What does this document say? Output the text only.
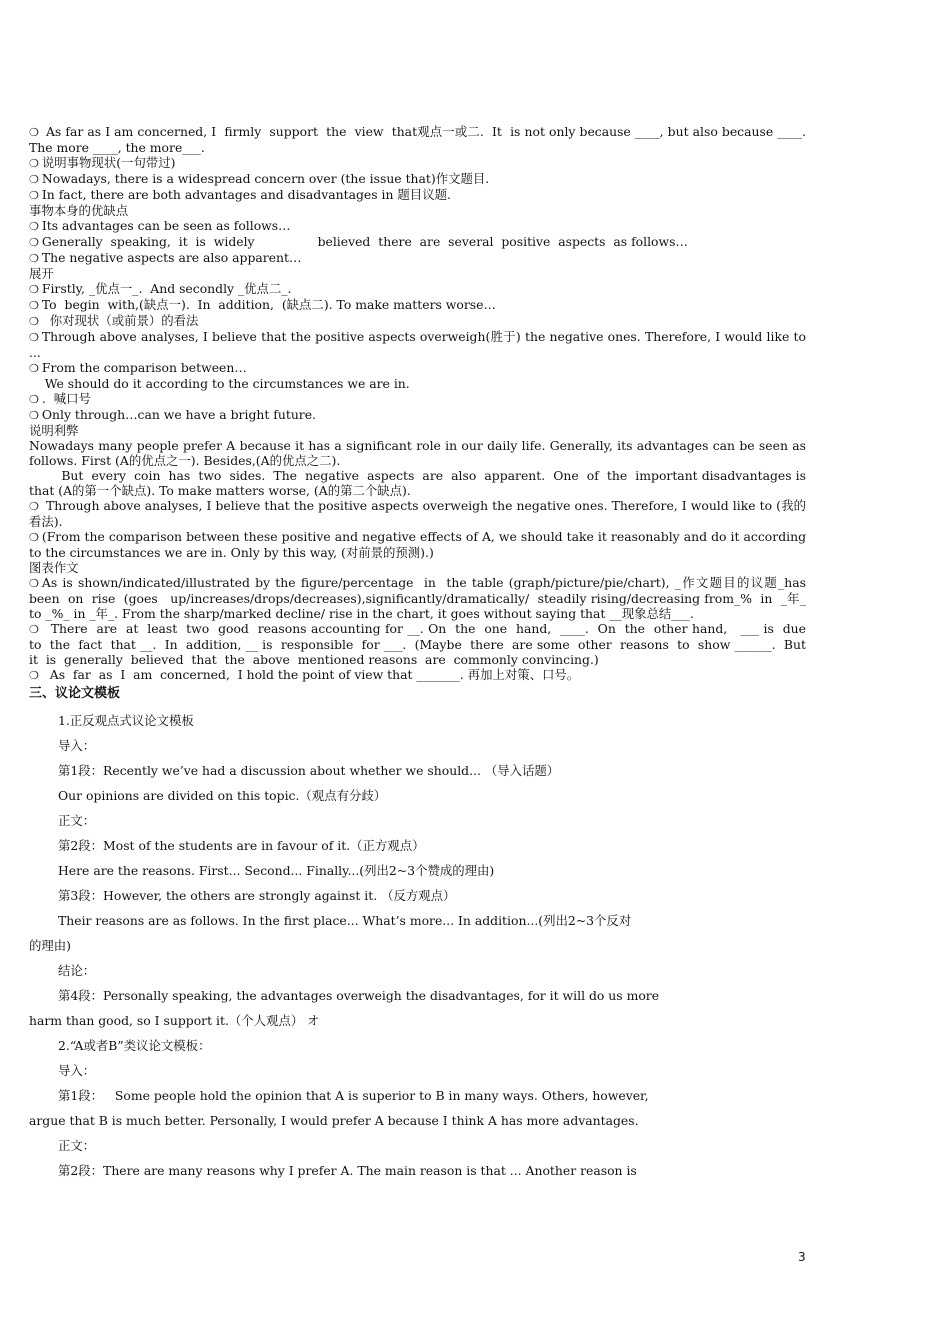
❍ As far as I am concerned, I  firmly  support  the  view  that观点一或二.  It  is not only because ____, but also because ____. The more ____, the more___.

❍ 说明事物现状(一句带过)

❍ Nowadays, there is a widespread concern over (the issue that)作文题目.

❍ In fact, there are both advantages and disadvantages in 题目议题.

事物本身的优缺点

❍ Its advantages can be seen as follows…

❍ Generally  speaking,  it  is  widely                believed  there  are  several  positive  aspects  as follows…

❍ The negative aspects are also apparent…

展开

❍ Firstly, _优点一_.  And secondly _优点二_.

❍ To  begin  with,(缺点一).  In  addition,  (缺点二). To make matters worse…

❍  你对现状（或前景）的看法

❍ Through above analyses, I believe that the positive aspects overweigh(胜于) the negative ones. Therefore, I would like to ...

❍ From the comparison between…

We should do it according to the circumstances we are in.

❍ .  喊口号

❍ Only through…can we have a bright future.

说明利弊

Nowadays many people prefer A because it has a significant role in our daily life. Generally, its advantages can be seen as follows. First (A的优点之一). Besides,(A的优点之二).

But  every  coin  has  two  sides.  The  negative  aspects  are  also  apparent.  One  of  the  important disadvantages is that (A的第一个缺点). To make matters worse, (A的第二个缺点).

❍ Through above analyses, I believe that the positive aspects overweigh the negative ones. Therefore, I would like to (我的看法).

❍ (From the comparison between these positive and negative effects of A, we should take it reasonably and do it according to the circumstances we are in. Only by this way, (对前景的预测).)

图表作文

❍ As is shown/indicated/illustrated by the figure/percentage  in  the table (graph/picture/pie/chart), _作文题目的议题_has  been  on  rise  (goes   up/increases/drops/decreases),significantly/dramatically/  steadily rising/decreasing from_%  in  _年_ to _%_ in _年_. From the sharp/marked decline/ rise in the chart, it goes without saying that __现象总结___.

❍  There  are  at  least  two  good  reasons accounting for __. On  the  one  hand,  ____.  On  the  other hand,   ___ is  due  to  the  fact  that __.  In  addition, __ is  responsible  for ___.  (Maybe  there  are some  other  reasons  to  show ______.  But  it  is  generally  believed  that  the  above  mentioned reasons  are  commonly convincing.)

❍  As  far  as  I  am  concerned,  I hold the point of view that _______. 再加上对策、口号。

三、议论文模板

1.正反观点式议论文模板

导入：

第1段：Recently we’ve had a discussion about whether we should... （导入话题）

Our opinions are divided on this topic.（观点有分歧）

正文：

第2段：Most of the students are in favour of it.（正方观点）

Here are the reasons. First... Second... Finally...(列出2~3个赞成的理由)

第3段：However, the others are strongly against it. （反方观点）

Their reasons are as follows. In the first place... What’s more... In addition...(列出2~3个反对

的理由)

结论：

第4段：Personally speaking, the advantages overweigh the disadvantages, for it will do us more

harm than good, so I support it.（个人观点） オ

2.“A或者B”类议论文模板：

导入：

第1段：   Some people hold the opinion that A is superior to B in many ways. Others, however,

argue that B is much better. Personally, I would prefer A because I think A has more advantages.

正文：

第2段：There are many reasons why I prefer A. The main reason is that ... Another reason is

3
